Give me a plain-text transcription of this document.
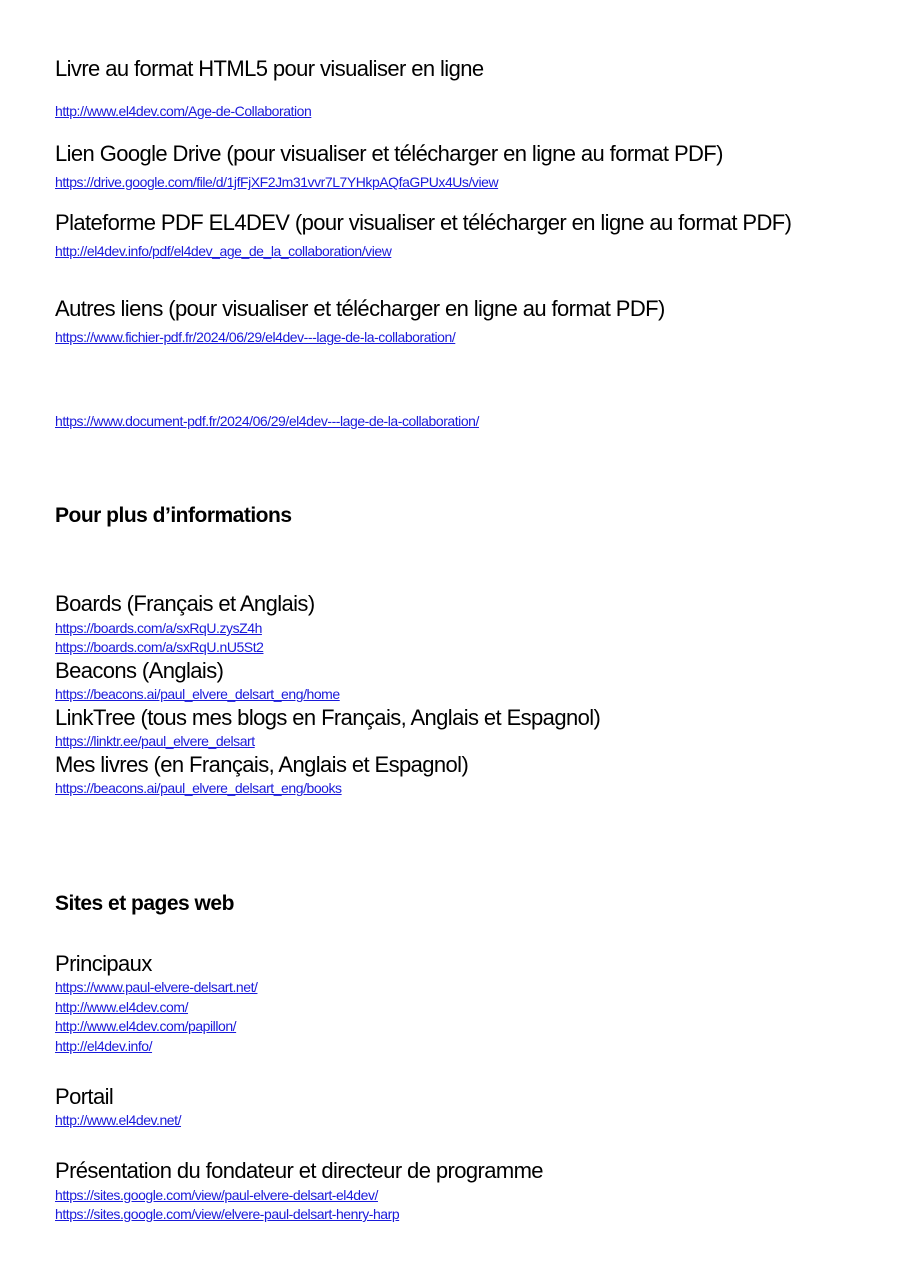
Livre au format HTML5 pour visualiser en ligne
http://www.el4dev.com/Age-de-Collaboration
Lien Google Drive (pour visualiser et télécharger en ligne au format PDF)
https://drive.google.com/file/d/1jfFjXF2Jm31vvr7L7YHkpAQfaGPUx4Us/view
Plateforme PDF EL4DEV (pour visualiser et télécharger en ligne au format PDF)
http://el4dev.info/pdf/el4dev_age_de_la_collaboration/view
Autres liens (pour visualiser et télécharger en ligne au format PDF)
https://www.fichier-pdf.fr/2024/06/29/el4dev---lage-de-la-collaboration/
https://www.document-pdf.fr/2024/06/29/el4dev---lage-de-la-collaboration/
Pour plus d’informations
Boards (Français et Anglais)
https://boards.com/a/sxRqU.zysZ4h
https://boards.com/a/sxRqU.nU5St2
Beacons (Anglais)
https://beacons.ai/paul_elvere_delsart_eng/home
LinkTree (tous mes blogs en Français, Anglais et Espagnol)
https://linktr.ee/paul_elvere_delsart
Mes livres (en Français, Anglais et Espagnol)
https://beacons.ai/paul_elvere_delsart_eng/books
Sites et pages web
Principaux
https://www.paul-elvere-delsart.net/
http://www.el4dev.com/
http://www.el4dev.com/papillon/
http://el4dev.info/
Portail
http://www.el4dev.net/
Présentation du fondateur et directeur de programme
https://sites.google.com/view/paul-elvere-delsart-el4dev/
https://sites.google.com/view/elvere-paul-delsart-henry-harp
